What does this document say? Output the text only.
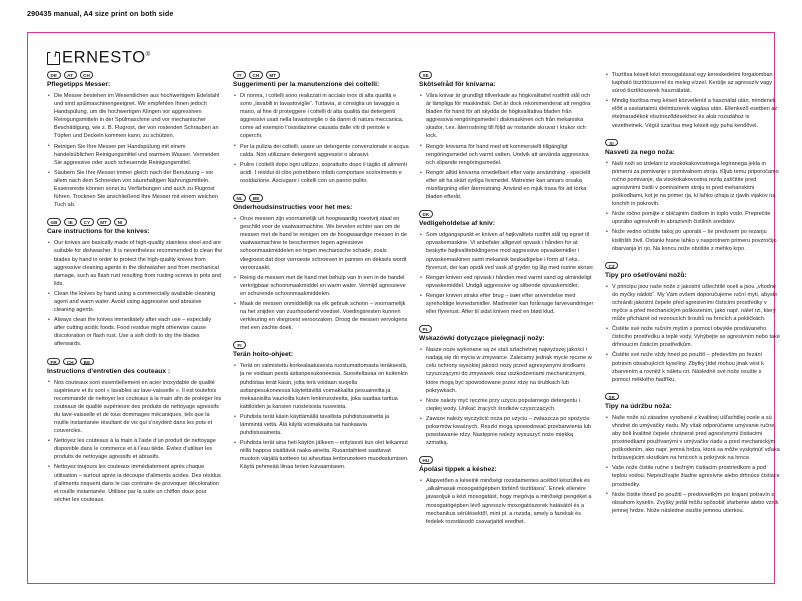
290435 manual, A4 size print on both side
ERNESTO®
DE	AT	CH
Pflegetipps Messer:
• Die Messer bestehen im Wesentlichen aus hochwertigem Edelstahl und sind spülmaschinengeeignet. Wir empfehlen Ihnen jedoch Handspülung, um die hochwertigen Klingen vor aggressiven Reinigungsmitteln in der Spülmaschine und vor mechanischer Beschädigung, wie z. B. Flugrost, der von rostenden Schrauben an Töpfen und Deckeln kommen kann, zu schützen.
• Reinigen Sie Ihre Messer per Handspülung mit einem handelsüblichen Reinigungsmittel und warmem Wasser. Vermeiden Sie aggressive oder auch scheuernde Reinigungsmittel.
• Säubern Sie Ihre Messer immer gleich nach der Benutzung – vor allem nach dem Schneiden von säurehaltigen Nahrungsmitteln. Essensreste können sonst zu Verfärbungen und auch zu Flugrost führen. Trocknen Sie anschließend Ihre Messer mit einem weichen Tuch ab.
GB	IE	CY	MT	NI
Care instructions for the knives:
• Our knives are basically made of high-quality stainless steel and are suitable for dishwasher. It is nevertheless recommended to clean the blades by hand in order to protect the high-quality knives from aggressive cleaning agents in the dishwasher and from mechanical damage, such as flash rust resulting from rusting screws in pots and lids.
• Clean the knives by hand using a commercially available cleaning agent and warm water. Avoid using aggressive and abrasive cleaning agents.
• Always clean the knives immediately after each use – especially after cutting acidic foods. Food residue might otherwise cause discoloration or flash rust. Use a soft cloth to dry the blades afterwards.
FR	CH	BE
Instructions d’entretien des couteaux :
• Nos couteaux sont essentiellement en acier inoxydable de qualité supérieure et ils sont « lavables au lave-vaisselle ». Il est toutefois recommandé de nettoyer les couteaux à la main afin de protéger les couteaux de qualité supérieure des produits de nettoyage agressifs du lave-vaisselle et de tous dommages mécaniques, tels que la rouille instantanée résultant de vis qui s’oxydent dans les pots et couvercles.
• Nettoyez les couteaux à la main à l’aide d’un produit de nettoyage disponible dans le commerce et à l’eau tiède. Évitez d’utiliser les produits de nettoyage agressifs et abrasifs.
• Nettoyez toujours les couteaux immédiatement après chaque utilisation – surtout après la découpe d’aliments acides. Des résidus d’aliments risquent dans le cas contraire de provoquer décoloration et rouille instantanée. Utilisez par la suite un chiffon doux pour sécher les couteaux.
IT	CH	MT
Suggerimenti per la manutenzione dei coltelli:
• Di norma, i coltelli sono realizzati in acciaio inox di alta qualità e sono „lavabili in lavastoviglie“. Tuttavia, si consiglia un lavaggio a mano, al fine di proteggere i coltelli di alta qualità dai detergenti aggressivi usati nella lavastoviglie o da danni di natura meccanica, come ad esempio l’ossidazione causata dalle viti di pentole e coperchi.
• Per la pulizia dei coltelli, usare un detergente convenzionale e acqua calda. Non utilizzare detergenti aggressivi o abrasivi.
• Pulire i coltelli dopo ogni utilizzo, soprattutto dopo il taglio di alimenti acidi. I residui di cibo potrebbero infatti comportare scolorimento e ossidazione. Asciugare i coltelli con un panno pulito.
NL	BE
Onderhoudsinstructies voor het mes:
• Onze messen zijn voornamelijk uit hoogwaardig roestvrij staal en geschikt voor de vaatwasmachine. We bevelen echter aan om de messen met de hand te reinigen om de hoogwaardige messen in de vaatwasmachine te beschermen tegen agressieve schoonmaakmiddelen en tegen mechanische schade, zoals vliegroest dat door verroeste schroeven in pannen en deksels wordt veroorzaakt.
• Reinig de messen met de hand met behulp van in een in de handel verkrijgbaar schoonmaakmiddel en warm water. Vermijd agressieve en schurende schoonmaakmiddelen.
• Maak de messen onmiddellijk na elk gebruik schoon – voornamelijk na het snijden van zuurhoudend voedsel. Voedingsresten kunnen verkleuring en vliegroest veroorzaken. Droog de messen vervolgens met een zachte doek.
FI
Terän hoito-ohjeet:
• Terät on valmistettu korkealaatuisesta ruostumattomasta teräksestä, ja ne voidaan pestä astianpesukoneessa. Suositeltavaa on kuitenkin puhdistaa terät käsin, jotta terä voidaan suojella astianpesukoneessa käytettäviltä voimakkailta pesuaineilta ja mekaanisilta vaurioilta kuten lentoruosteelta, joka saattaa tarttua kattiloiden ja kansien ruosteisista ruuveista.
• Puhdista terät käsin käyttämällä tavallista puhdistusainetta ja lämmintä vettä. Älä käytä voimakkaita tai hankaavia puhdistusaineita.
• Puhdista terät aina heti käytön jälkeen – erityisesti kun olet leikannut niillä happoa sisältäviä raaka-aineita. Ruoantaihteet saattavat muutoin värjätä tuotteen tai aiheuttaa lentoruosteen muodostumisen. Käytä pehmeää liinaa terien kuivaamiseen.
SE
Skötselråd för knivarna:
• Våra knivar är grundligt tillverkade av högkvalitativt rostfritt stål och är lämpliga för maskindisk. Det är dock rekommenderat att rengöra bladen för hand för att skydda de högkvalitativa bladen från aggressiva rengöringsmedel i diskmaskinen och från mekaniska skador, t.ex. återrostning till följd av rostande skruvar i krukor och lock.
• Rengör knivarna för hand med ett kommersiellt tillgängligt rengöringsmedel och varmt vatten. Undvik att använda aggressiva och slipande rengöringsmedel.
• Rengör alltid knivarna omedelbart efter varje användning - speciellt efter att ha skärt syrliga livsmedel. Matrester kan annars orsaka missfärgning eller återrostning. Använd en mjuk trasa för att torka bladen efteråt.
DK
Vedligeholdelse af kniv:
• Som udgangspunkt er kniven af højkvalitets rustfrit stål og egnet til opvaskemaskine. Vi anbefaler alligevel opvask i hånden for at beskytte højkvalitetsklingerne mod aggressive opvaskemidler i opvaskemaskinen samt mekanisk beskadigelse i form af f.eks. flyverust, der kan opstå ved vask af gryder og låg med rustne skruer.
• Rengør kniven ved opvask i hånden med varmt vand og almindeligt opvaskemiddel. Undgå aggressive og slibende opvaskemidler.
• Rengør kniven straks efter brug – især efter anvendelse med syreholdige levnedsmidler. Madrester kan forårsage farvevandringer eller flyverust. After til sidst kniven med en blød klud.
PL
Wskazówki dotyczące pielęgnacji noży:
• Nasze noże wykonane są ze stali szlachetnej najwyższej jakości i nadają się do mycia w zmywarce. Zalecamy jednak mycie ręczne w celu ochrony wysokiej jakości noży przed agresywnymi środkami czyszczącymi do zmywarek oraz uszkodzeniami mechanicznymi, które mogą być spowodowane przez rdzę na śrubkach lub pokrywkach.
• Noże należy myć ręcznie przy użyciu popularnego detergentu i ciepłej wody. Unikać żrących środków czyszczących.
• Zawsze należy wyczyścić noża po użyciu – zwłaszcza po spożyciu pokarmów kwaśnych. Reszki mogą spowodować przebarwienia lub powstawanie rdzy. Następnie należy wysuszyć noże miękką szmatką.
HU
Ápolási tippek a késhez:
• Alapvetően a késeink minőségi rozsdamentes acélból készültek és „alkalmasak mosogatógépben történő tisztításra”. Ennek ellenére javasoljuk a kézi mosogatást, hogy megóvja a minőségi pengéket a mosogatógépben lévő agresszív mosogatószerek hatásától és a mechanikus sérülésektől, mint pl. a rozsda, amely a fazekak és fedelek rozsdásodó csavarjaitól eredhet.
• Tisztítsa késeit kézi mosogatással egy kereskedelmi forgalomban kapható tisztítószerrel és meleg vízzel. Kerülje az agresszív vagy súroó tisztítószerek használatát.
• Mindig tisztítsa meg késeit közvetlenül a használat után, mindenek előtt a savtartalmú élelmiszerek vágása után. Ellenkező esetben az ételmaradékok elszíneződésekhez és akár rozsdához is vezethetnek. Végül szárítsa meg késeit egy puha kendővel.
SI
Nasveti za nego noža:
• Naši noži so izdelani iz visokokakovostnega legiranega jekla in primerni za pomivanje v pomivalnem stroju. Kljub temu priporočamo ročno pomivanje, da visokokakovostna rezila zaščitite pred agresivnimi čistili v pomivalnem stroju in pred mehanskimi poškodbami, kot je na primer rja, ki lahko izhaja iz rjavih vijakov na lonchih in pokrovih.
• Nože ročno pomijte z običajnim čistilom in toplo vodo. Preprečite uporabo agresivnih in abrazivnih čistilnih sredstev.
• Nože vedno očistite takoj po uporabi – še predvsem po rezanju kislihših živil. Ostanki hrane lahko v nasprotnem primeru povzročijo obarvanja in rjo. Na koncu nože obrišite z mehko krpo.
CZ
Tipy pro ošetřování nožů:
• V principu jsou naše nože z jakostní ušlechtilé oceli a jsou „vhodné do myčky nádob“. My Vám ovšem doporučujeme ruční mytí, abyste ochránili jakostní čepele před agresivními čisticími prostředky v myčce a před mechanickým poškozením, jako např. nálet rzi, který může přicházet od reznoucích šroubů na hrncích a pokličkách.
• Čistěte své nože ručním mytím s pomocí obvykle prodávaného čisticího prostředku a teplé vody. Vyhýbejte se agresivním nebo také drhnoucím čisticím prostředkům.
• Čistěte své nože vždy hned po použití – především po řezání potravin obsahujících kyseliny. Zbytky jídel mohou jinak vést k zbarvením a rovněž k náletu rzi. Následně své nože osušte s pomocí měkkého hadříku.
SK
Tipy na údržbu noža:
• Naše nože sú zásadne vyrobené z kvalitnej ušľachtilej ocele a sú vhodné do umývačky riadu. My však odporúčame umývanie ručne, aby boli kvalitné čepele chránené pred agresívnymi čistiacimi prostriedkami používanými v umývačke riadu a pred mechanickým poškodením, ako napr. jemná hrdza, ktorá sa môže vyskytnúť vďaka hrdzavejúcim skrutkám na hrncoch a pokrývok na hrnce.
• Vaše nože čistite ručne s bežným čistiacim prostriedkom a pod teplou vodou. Nepoužívajte žiadne agresívne alebo drhnúce čistiace prostriedky.
• Nože čistite ihneď po použití – predovsetkým po krajaní potravín s obsahom kyselín. Zvyšky jedál môžu spôsobiť sfarbenie alebo vznik jemnej hrdze. Nože následne osušte jemnou utierkou.
